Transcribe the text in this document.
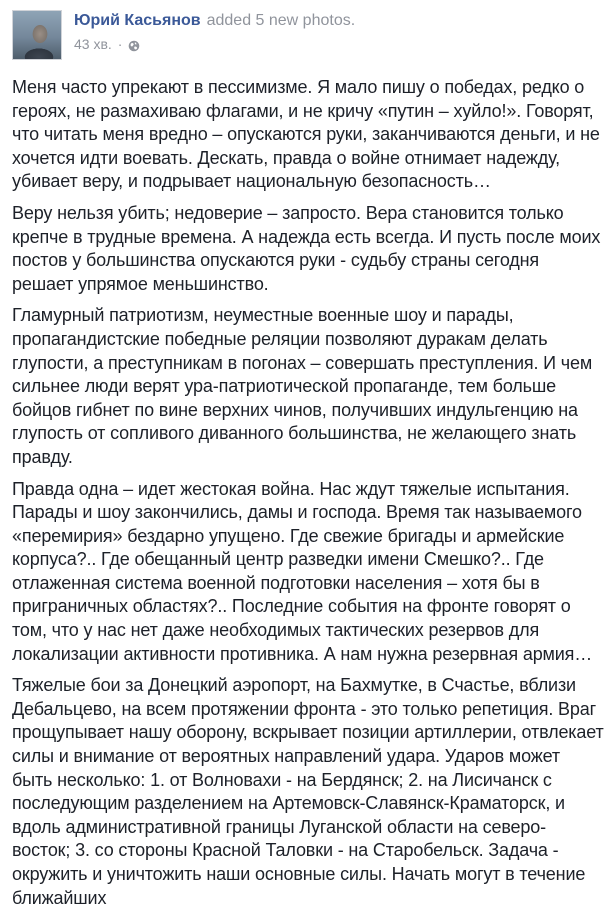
Юрий Касьянов added 5 new photos.
43 хв. ·

Меня часто упрекают в пессимизме. Я мало пишу о победах, редко о героях, не размахиваю флагами, и не кричу «путин – хуйло!». Говорят, что читать меня вредно – опускаются руки, заканчиваются деньги, и не хочется идти воевать. Дескать, правда о войне отнимает надежду, убивает веру, и подрывает национальную безопасность…

Веру нельзя убить; недоверие – запросто. Вера становится только крепче в трудные времена. А надежда есть всегда. И пусть после моих постов у большинства опускаются руки - судьбу страны сегодня решает упрямое меньшинство.

Гламурный патриотизм, неуместные военные шоу и парады, пропагандистские победные реляции позволяют дуракам делать глупости, а преступникам в погонах – совершать преступления. И чем сильнее люди верят ура-патриотической пропаганде, тем больше бойцов гибнет по вине верхних чинов, получивших индульгенцию на глупость от сопливого диванного большинства, не желающего знать правду.

Правда одна – идет жестокая война. Нас ждут тяжелые испытания. Парады и шоу закончились, дамы и господа. Время так называемого «перемирия» бездарно упущено. Где свежие бригады и армейские корпуса?.. Где обещанный центр разведки имени Смешко?.. Где отлаженная система военной подготовки населения – хотя бы в приграничных областях?.. Последние события на фронте говорят о том, что у нас нет даже необходимых тактических резервов для локализации активности противника. А нам нужна резервная армия…

Тяжелые бои за Донецкий аэропорт, на Бахмутке, в Счастье, вблизи Дебальцево, на всем протяжении фронта - это только репетиция. Враг прощупывает нашу оборону, вскрывает позиции артиллерии, отвлекает силы и внимание от вероятных направлений удара. Ударов может быть несколько: 1. от Волновахи - на Бердянск; 2. на Лисичанск с последующим разделением на Артемовск-Славянск-Краматорск, и вдоль административной границы Луганской области на северо-восток; 3. со стороны Красной Таловки - на Старобельск. Задача - окружить и уничтожить наши основные силы. Начать могут в течение ближайших
